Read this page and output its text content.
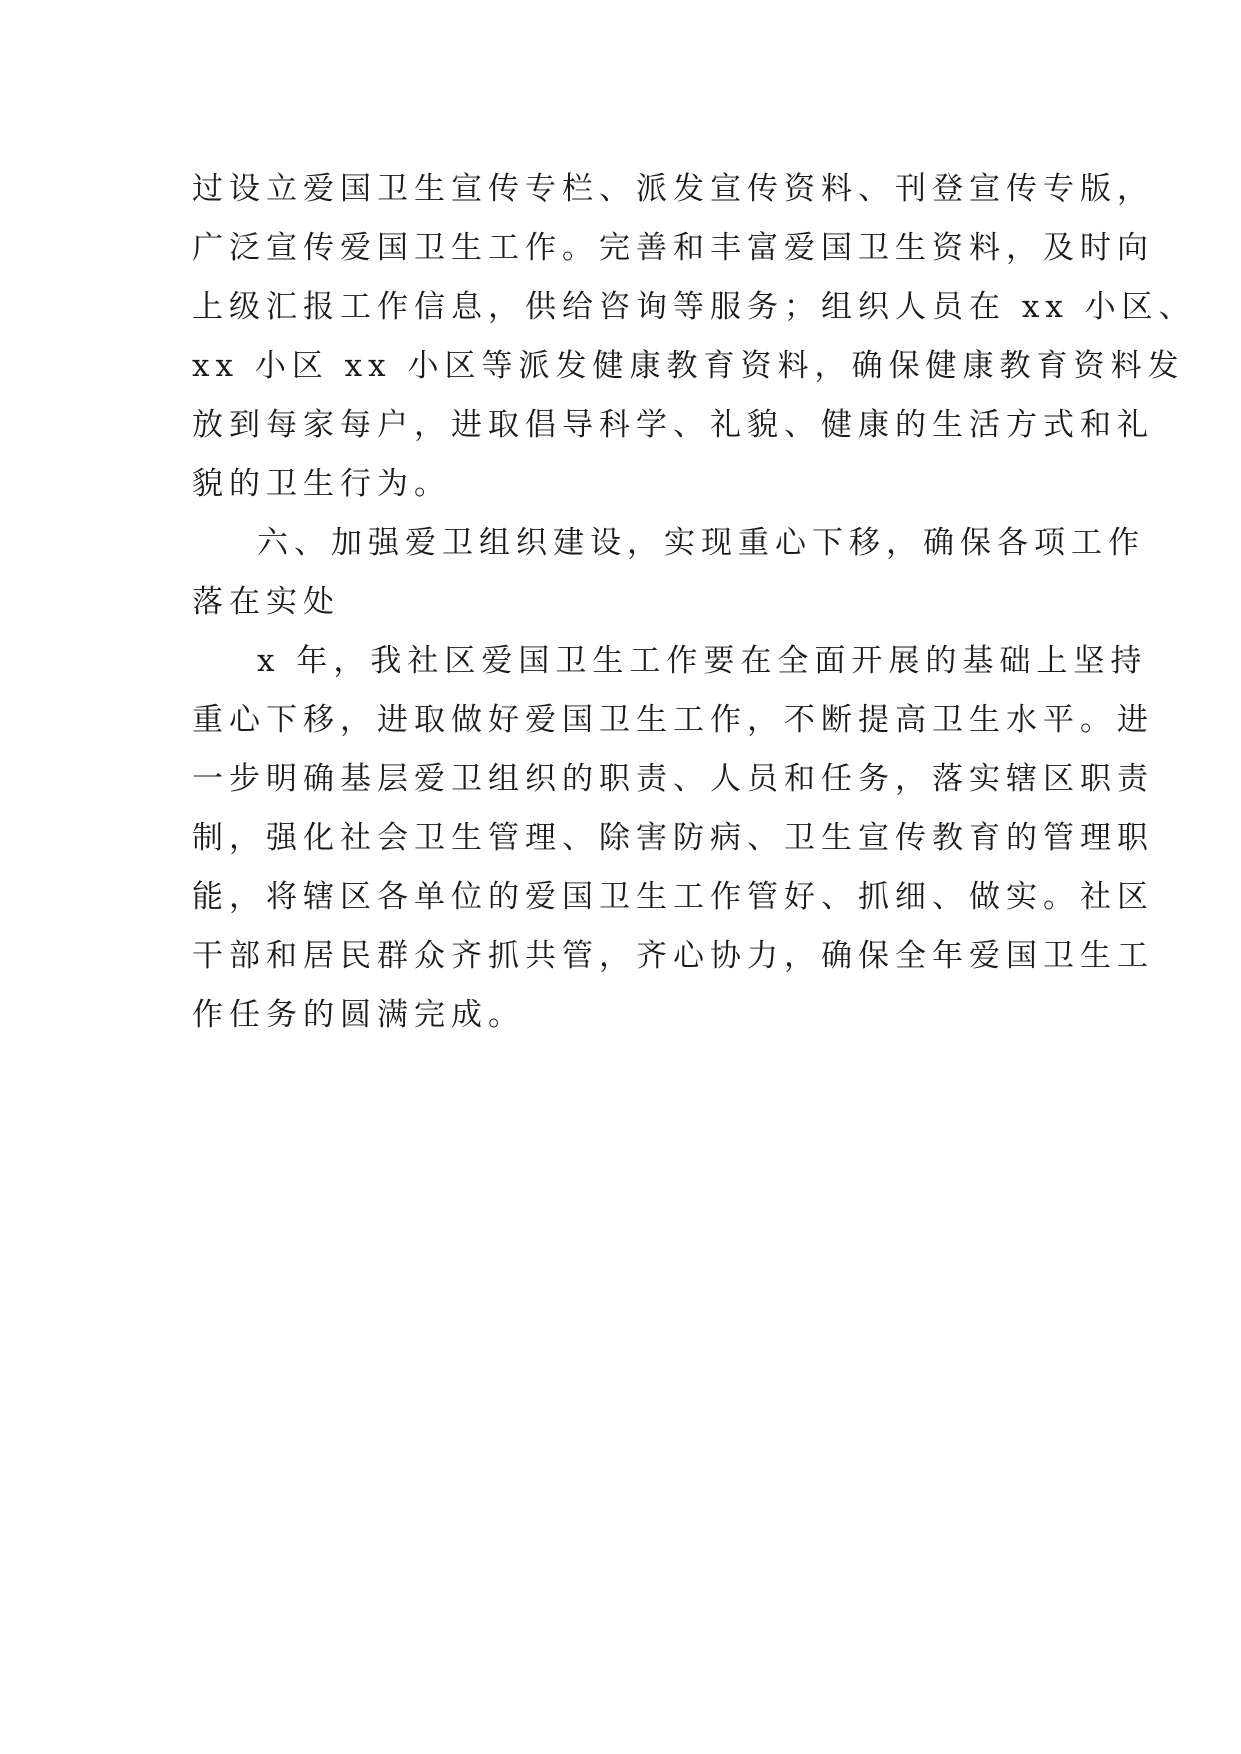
过设立爱国卫生宣传专栏、派发宣传资料、刊登宣传专版，
广泛宣传爱国卫生工作。完善和丰富爱国卫生资料，及时向
上级汇报工作信息，供给咨询等服务；组织人员在 xx 小区、
xx 小区 xx 小区等派发健康教育资料，确保健康教育资料发
放到每家每户，进取倡导科学、礼貌、健康的生活方式和礼
貌的卫生行为。
六、加强爱卫组织建设，实现重心下移，确保各项工作
落在实处
x 年，我社区爱国卫生工作要在全面开展的基础上坚持
重心下移，进取做好爱国卫生工作，不断提高卫生水平。进
一步明确基层爱卫组织的职责、人员和任务，落实辖区职责
制，强化社会卫生管理、除害防病、卫生宣传教育的管理职
能，将辖区各单位的爱国卫生工作管好、抓细、做实。社区
干部和居民群众齐抓共管，齐心协力，确保全年爱国卫生工
作任务的圆满完成。
